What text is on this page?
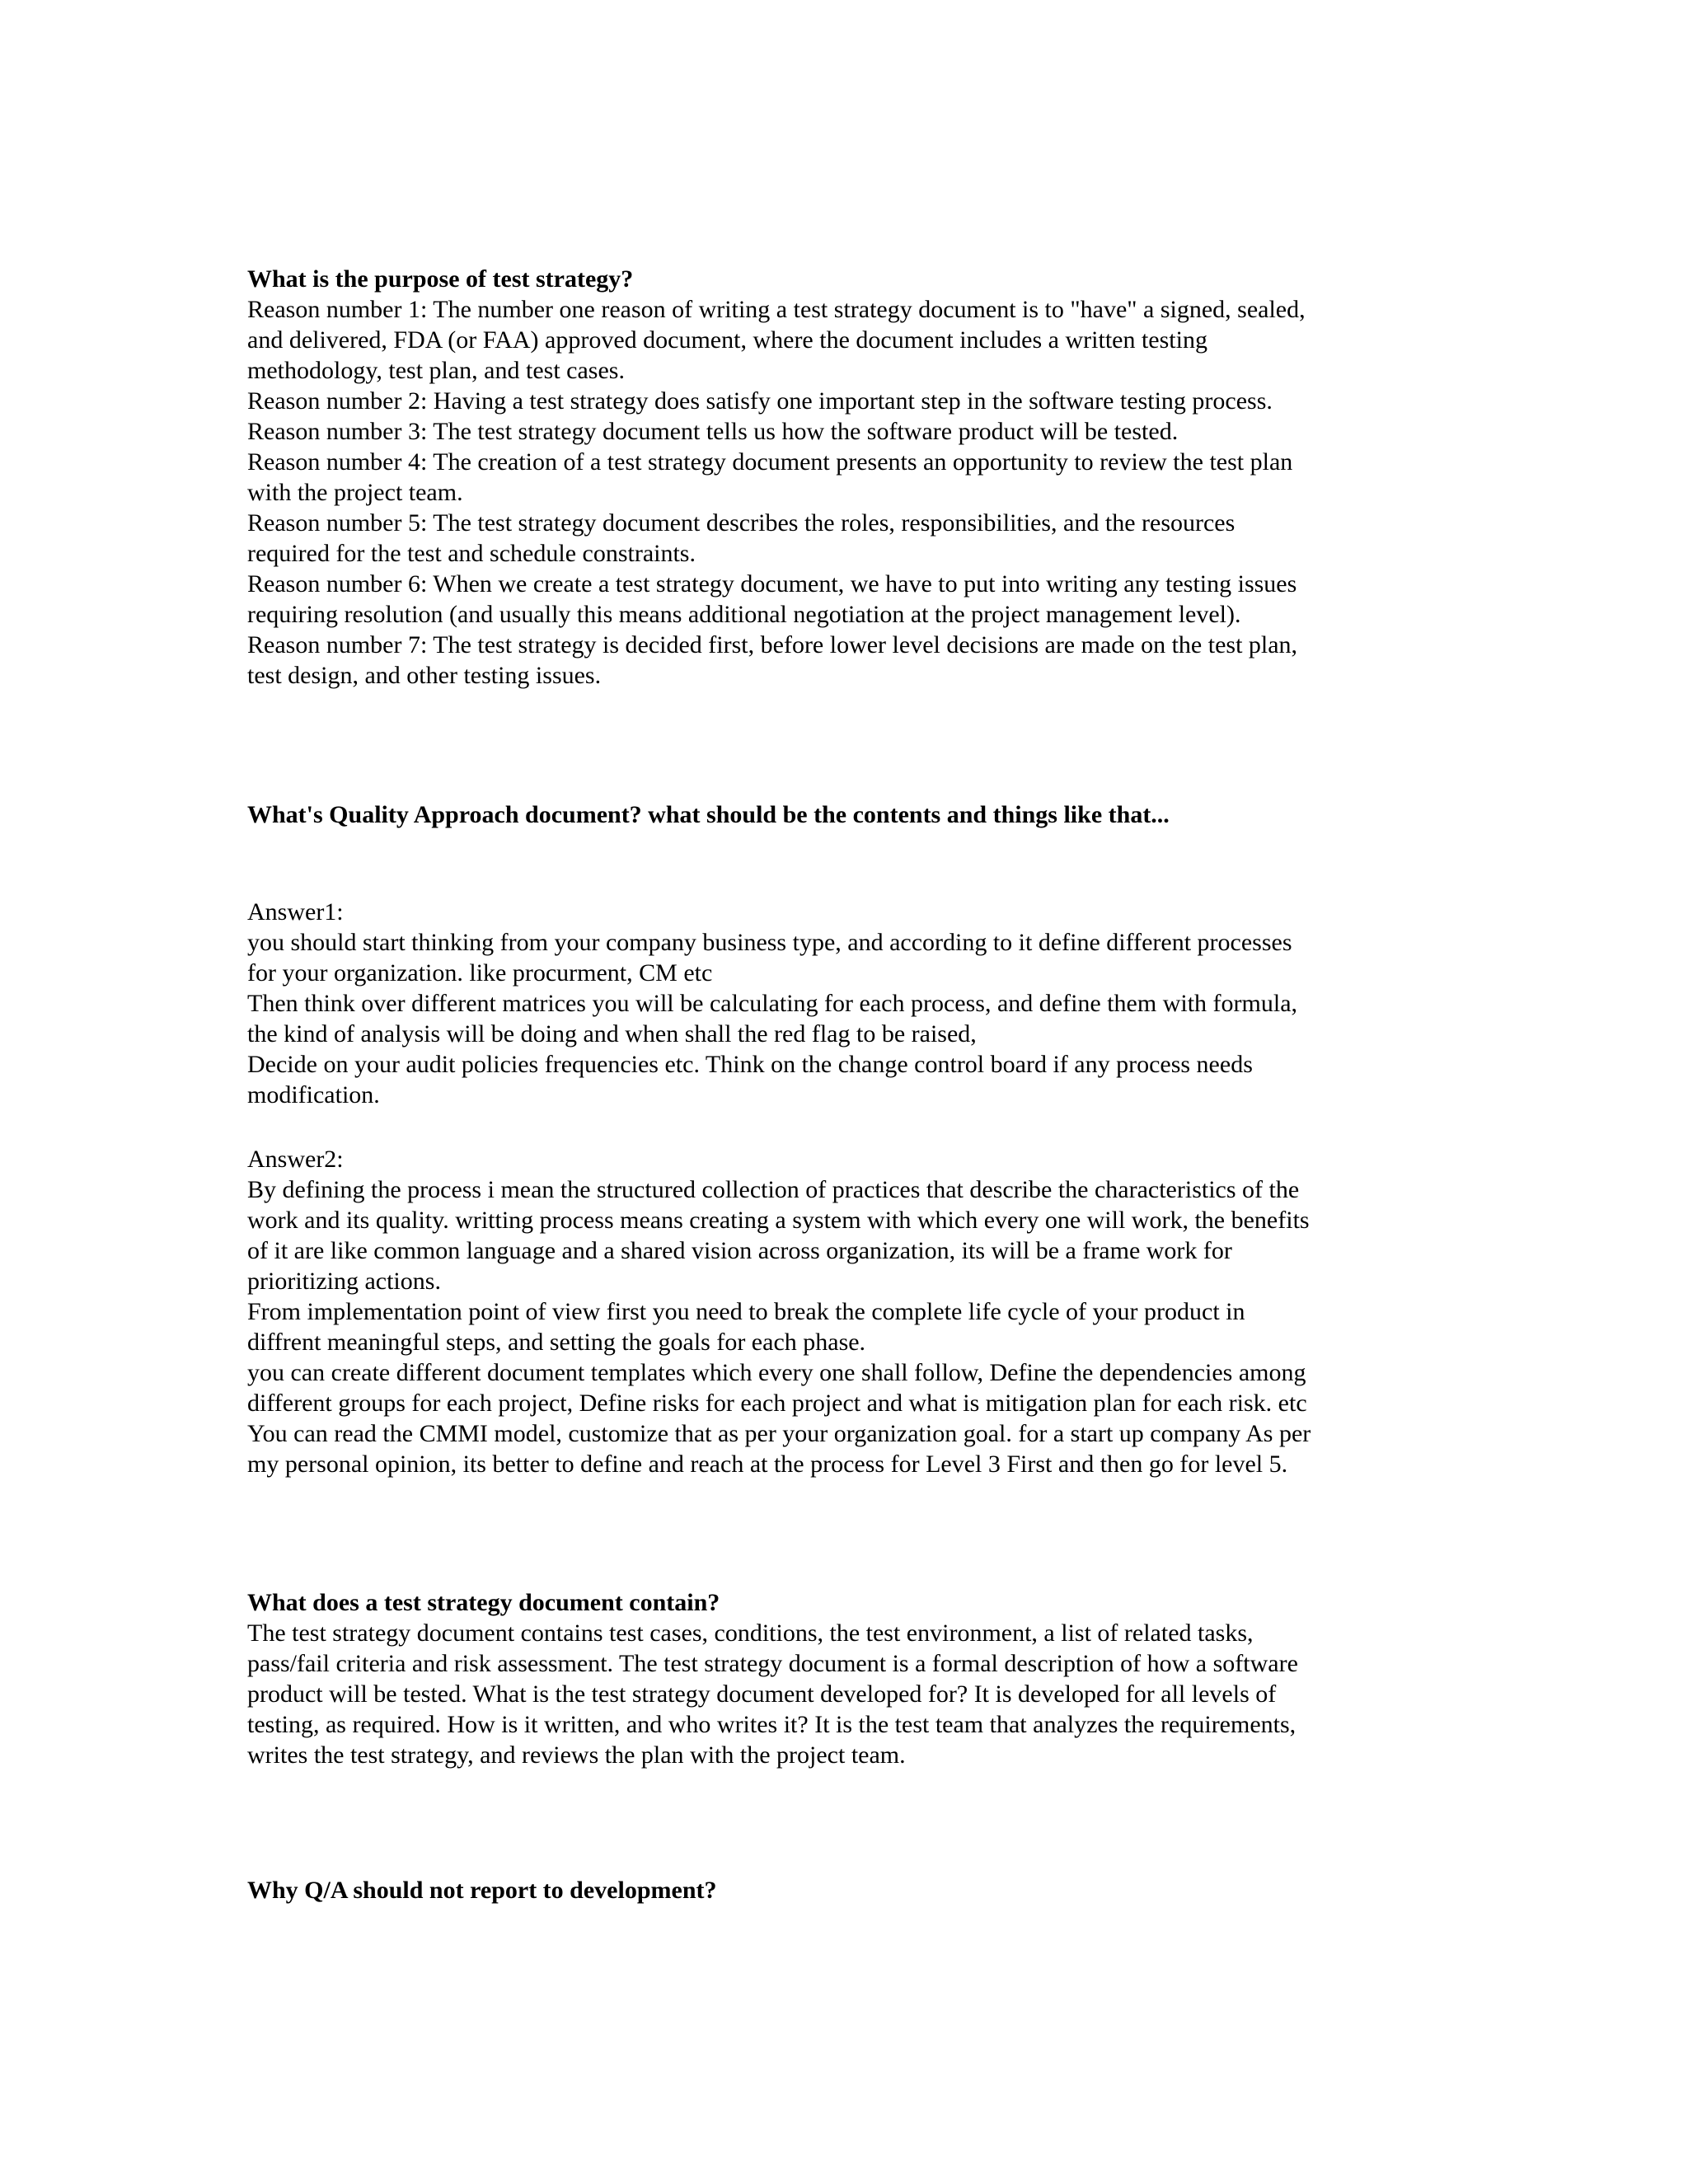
What is the purpose of test strategy?
Reason number 1: The number one reason of writing a test strategy document is to "have" a signed, sealed,
and delivered, FDA (or FAA) approved document, where the document includes a written testing
methodology, test plan, and test cases.
Reason number 2: Having a test strategy does satisfy one important step in the software testing process.
Reason number 3: The test strategy document tells us how the software product will be tested.
Reason number 4: The creation of a test strategy document presents an opportunity to review the test plan
with the project team.
Reason number 5: The test strategy document describes the roles, responsibilities, and the resources
required for the test and schedule constraints.
Reason number 6: When we create a test strategy document, we have to put into writing any testing issues
requiring resolution (and usually this means additional negotiation at the project management level).
Reason number 7: The test strategy is decided first, before lower level decisions are made on the test plan,
test design, and other testing issues.
What's Quality Approach document? what should be the contents and things like that...
Answer1:
you should start thinking from your company business type, and according to it define different processes
for your organization. like procurment, CM etc
Then think over different matrices you will be calculating for each process, and define them with formula,
the kind of analysis will be doing and when shall the red flag to be raised,
Decide on your audit policies frequencies etc. Think on the change control board if any process needs
modification.
Answer2:
By defining the process i mean the structured collection of practices that describe the characteristics of the
work and its quality. writting process means creating a system with which every one will work, the benefits
of it are like common language and a shared vision across organization, its will be a frame work for
prioritizing actions.
From implementation point of view first you need to break the complete life cycle of your product in
diffrent meaningful steps, and setting the goals for each phase.
you can create different document templates which every one shall follow, Define the dependencies among
different groups for each project, Define risks for each project and what is mitigation plan for each risk. etc
You can read the CMMI model, customize that as per your organization goal. for a start up company As per
my personal opinion, its better to define and reach at the process for Level 3 First and then go for level 5.
What does a test strategy document contain?
The test strategy document contains test cases, conditions, the test environment, a list of related tasks,
pass/fail criteria and risk assessment. The test strategy document is a formal description of how a software
product will be tested. What is the test strategy document developed for? It is developed for all levels of
testing, as required. How is it written, and who writes it? It is the test team that analyzes the requirements,
writes the test strategy, and reviews the plan with the project team.
Why Q/A should not report to development?
